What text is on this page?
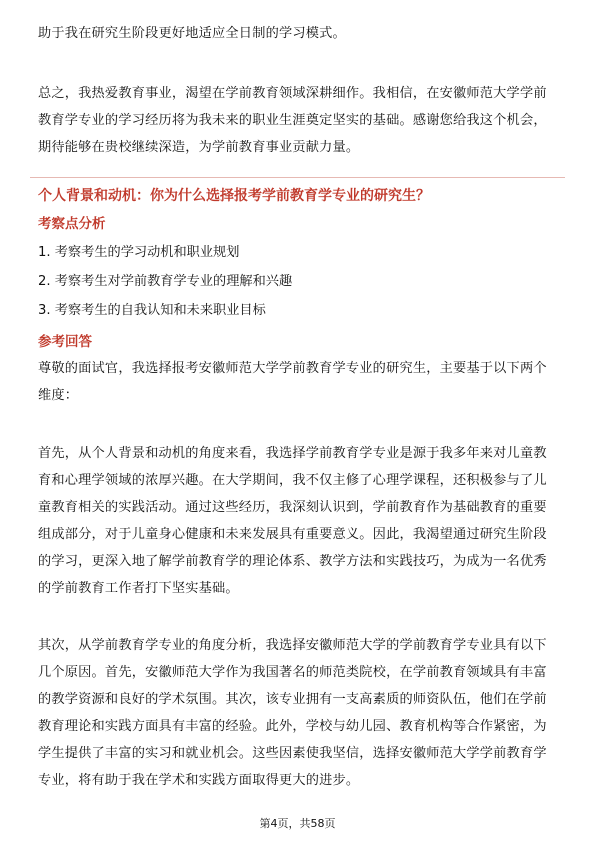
助于我在研究生阶段更好地适应全日制的学习模式。

总之，我热爱教育事业，渴望在学前教育领域深耕细作。我相信，在安徽师范大学学前教育学专业的学习经历将为我未来的职业生涯奠定坚实的基础。感谢您给我这个机会，期待能够在贵校继续深造，为学前教育事业贡献力量。

个人背景和动机：你为什么选择报考学前教育学专业的研究生？

考察点分析

1. 考察考生的学习动机和职业规划
2. 考察考生对学前教育学专业的理解和兴趣
3. 考察考生的自我认知和未来职业目标

参考回答

尊敬的面试官，我选择报考安徽师范大学学前教育学专业的研究生，主要基于以下两个维度：

首先，从个人背景和动机的角度来看，我选择学前教育学专业是源于我多年来对儿童教育和心理学领域的浓厚兴趣。在大学期间，我不仅主修了心理学课程，还积极参与了儿童教育相关的实践活动。通过这些经历，我深刻认识到，学前教育作为基础教育的重要组成部分，对于儿童身心健康和未来发展具有重要意义。因此，我渴望通过研究生阶段的学习，更深入地了解学前教育学的理论体系、教学方法和实践技巧，为成为一名优秀的学前教育工作者打下坚实基础。

其次，从学前教育学专业的角度分析，我选择安徽师范大学的学前教育学专业具有以下几个原因。首先，安徽师范大学作为我国著名的师范类院校，在学前教育领域具有丰富的教学资源和良好的学术氛围。其次，该专业拥有一支高素质的师资队伍，他们在学前教育理论和实践方面具有丰富的经验。此外，学校与幼儿园、教育机构等合作紧密，为学生提供了丰富的实习和就业机会。这些因素使我坚信，选择安徽师范大学学前教育学专业，将有助于我在学术和实践方面取得更大的进步。

第4页，共58页
